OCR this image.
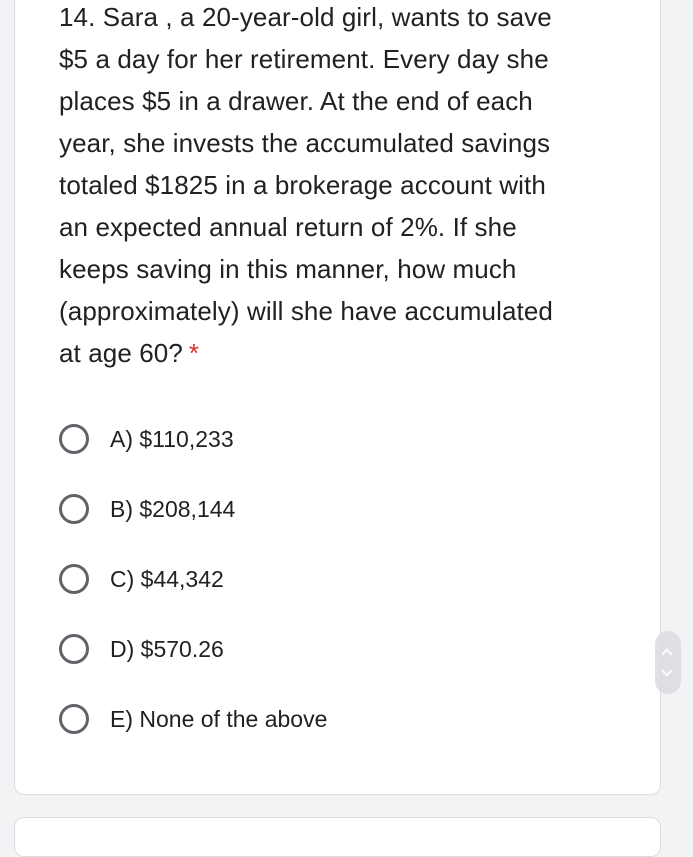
14. Sara , a 20-year-old girl, wants to save
$5 a day for her retirement. Every day she
places $5 in a drawer. At the end of each
year, she invests the accumulated savings
totaled $1825 in a brokerage account with
an expected annual return of 2%. If she
keeps saving in this manner, how much
(approximately) will she have accumulated
at age 60? *
A) $110,233
B) $208,144
C) $44,342
D) $570.26
E) None of the above
